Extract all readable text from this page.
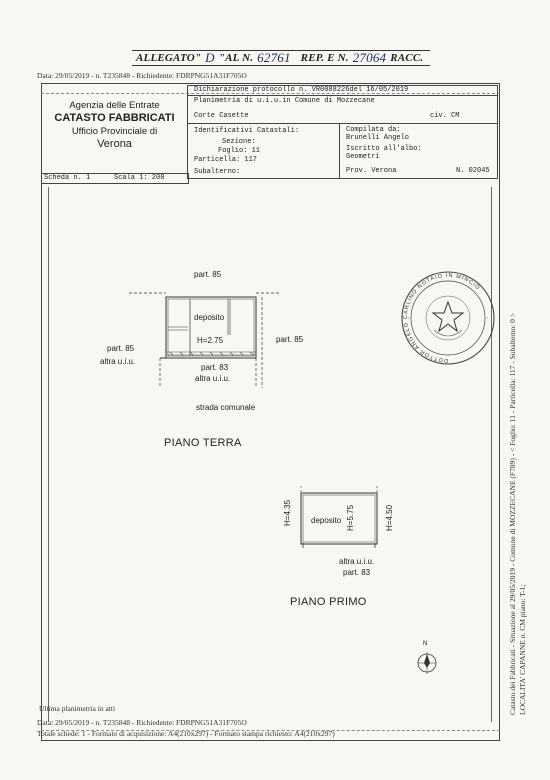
ALLEGATO" D "AL N. 62761 REP. E N. 27064 RACC.
Data: 29/05/2019 - n. T235848 - Richiedente: FDRPNG51A31F705O
Agenzia delle Entrate
CATASTO FABBRICATI
Ufficio Provinciale di
Verona
Dichiarazione protocollo n. VR0088226del 16/05/2019
Planimetria di u.i.u.in Comune di Mozzecane
Corte Casette	civ. CM
Identificativi Catastali:
Sezione:
Foglio: 11
Particella: 117
Subalterno:
Compilata da:
Brunelli Angelo
Iscritto all'albo:
Geometri
Prov. Verona	N. 02045
Scheda n. 1	Scala 1: 200
DOTTOR ANGELO CARLINO NOTAIO IN MINCIO
part. 85
part. 85
altra u.i.u.
part. 85
deposito
H=2.75
part. 83
altra u.i.u.
strada comunale
PIANO TERRA
H=4.35 deposito H=5.75	H=4.50
altra u.i.u.
part. 83
PIANO PRIMO
N
Ultima planimetria in atti
Data: 29/05/2019 - n. T235848 - Richiedente: FDRPNG51A31F705O
Totale schede: 1 - Formato di acquisizione: A4(210x297) - Formato stampa richiesto: A4(210x297)
Catasto dei Fabbricati - Situazione al 29/05/2019 - Comune di MOZZECANE (F789) - < Foglio: 11 - Particella: 117 - Subalterno: 0 > LOCALITA' CAPANNE n. CM piano: T-1;
